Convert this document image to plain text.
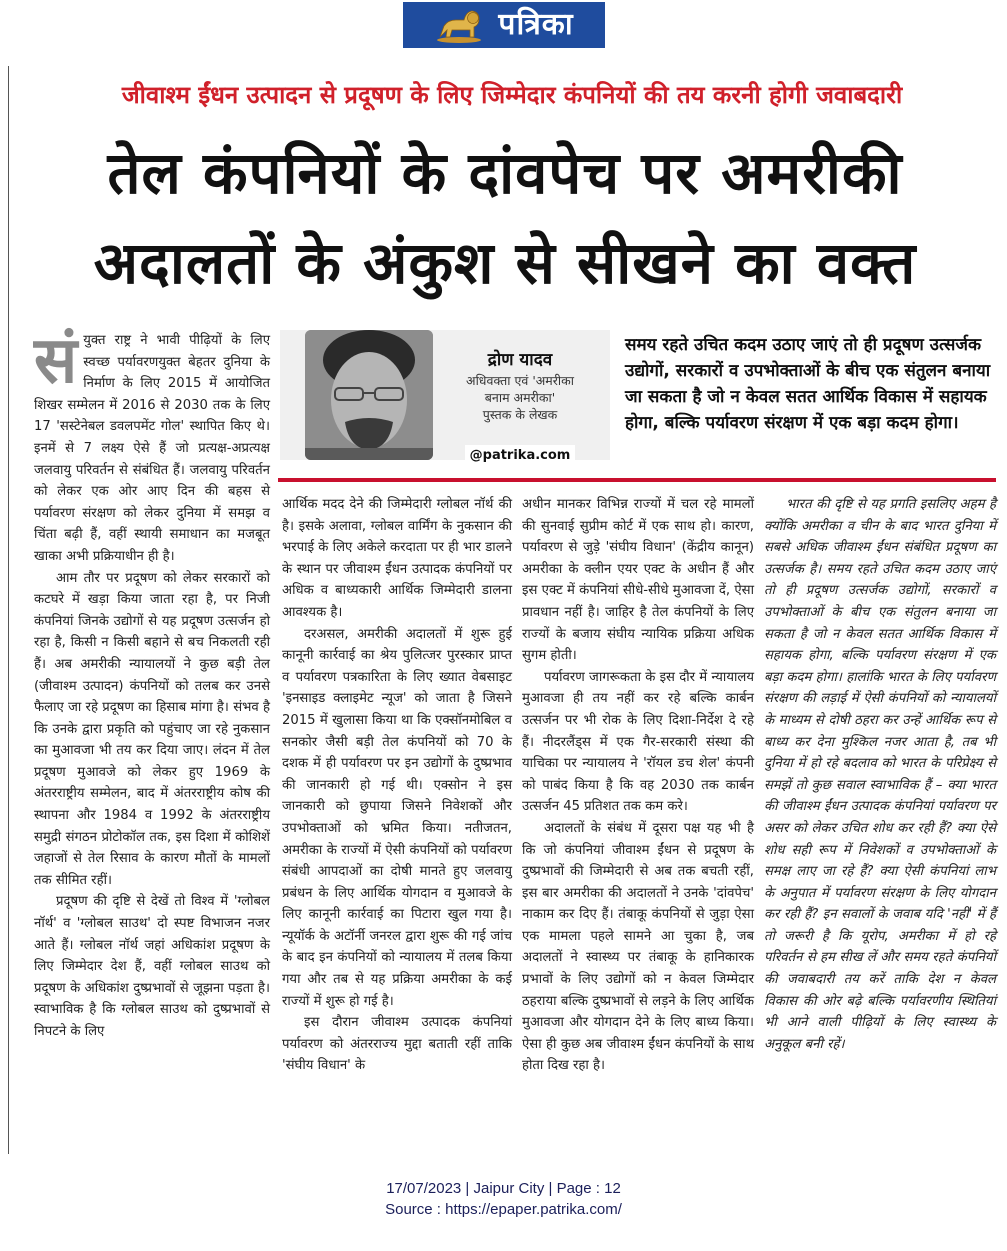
पत्रिका
जीवाश्म ईंधन उत्पादन से प्रदूषण के लिए जिम्मेदार कंपनियों की तय करनी होगी जवाबदारी
तेल कंपनियों के दांवपेच पर अमरीकी
अदालतों के अंकुश से सीखने का वक्त

सं युक्त राष्ट्र ने भावी पीढ़ियों के लिए स्वच्छ पर्यावरणयुक्त बेहतर दुनिया के निर्माण के लिए 2015 में आयोजित शिखर सम्मेलन में 2016 से 2030 तक के लिए 17 'सस्टेनेबल डवलपमेंट गोल' स्थापित किए थे। इनमें से 7 लक्ष्य ऐसे हैं जो प्रत्यक्ष-अप्रत्यक्ष जलवायु परिवर्तन से संबंधित हैं। जलवायु परिवर्तन को लेकर एक ओर आए दिन की बहस से पर्यावरण संरक्षण को लेकर दुनिया में समझ व चिंता बढ़ी हैं, वहीं स्थायी समाधान का मजबूत खाका अभी प्रक्रियाधीन ही है।

आम तौर पर प्रदूषण को लेकर सरकारों को कटघरे में खड़ा किया जाता रहा है, पर निजी कंपनियां जिनके उद्योगों से यह प्रदूषण उत्सर्जन हो रहा है, किसी न किसी बहाने से बच निकलती रही हैं। अब अमरीकी न्यायालयों ने कुछ बड़ी तेल (जीवाश्म उत्पादन) कंपनियों को तलब कर उनसे फैलाए जा रहे प्रदूषण का हिसाब मांगा है। संभव है कि उनके द्वारा प्रकृति को पहुंचाए जा रहे नुकसान का मुआवजा भी तय कर दिया जाए। लंदन में तेल प्रदूषण मुआवजे को लेकर हुए 1969 के अंतरराष्ट्रीय सम्मेलन, बाद में अंतरराष्ट्रीय कोष की स्थापना और 1984 व 1992 के अंतरराष्ट्रीय समुद्री संगठन प्रोटोकॉल तक, इस दिशा में कोशिशें जहाजों से तेल रिसाव के कारण मौतों के मामलों तक सीमित रहीं।

प्रदूषण की दृष्टि से देखें तो विश्व में 'ग्लोबल नॉर्थ' व 'ग्लोबल साउथ' दो स्पष्ट विभाजन नजर आते हैं। ग्लोबल नॉर्थ जहां अधिकांश प्रदूषण के लिए जिम्मेदार देश हैं, वहीं ग्लोबल साउथ को प्रदूषण के अधिकांश दुष्प्रभावों से जूझना पड़ता है। स्वाभाविक है कि ग्लोबल साउथ को दुष्प्रभावों से निपटने के लिए

द्रोण यादव
अधिवक्ता एवं 'अमरीका
बनाम अमरीका'
पुस्तक के लेखक
@patrika.com
समय रहते उचित कदम उठाए जाएं तो ही प्रदूषण उत्सर्जक उद्योगों, सरकारों व उपभोक्ताओं के बीच एक संतुलन बनाया जा सकता है जो न केवल सतत आर्थिक विकास में सहायक होगा, बल्कि पर्यावरण संरक्षण में एक बड़ा कदम होगा।

आर्थिक मदद देने की जिम्मेदारी ग्लोबल नॉर्थ की है। इसके अलावा, ग्लोबल वार्मिंग के नुकसान की भरपाई के लिए अकेले करदाता पर ही भार डालने के स्थान पर जीवाश्म ईंधन उत्पादक कंपनियों पर अधिक व बाध्यकारी आर्थिक जिम्मेदारी डालना आवश्यक है।

दरअसल, अमरीकी अदालतों में शुरू हुई कानूनी कार्रवाई का श्रेय पुलित्जर पुरस्कार प्राप्त व पर्यावरण पत्रकारिता के लिए ख्यात वेबसाइट 'इनसाइड क्लाइमेट न्यूज' को जाता है जिसने 2015 में खुलासा किया था कि एक्सॉनमोबिल व सनकोर जैसी बड़ी तेल कंपनियों को 70 के दशक में ही पर्यावरण पर इन उद्योगों के दुष्प्रभाव की जानकारी हो गई थी। एक्सोन ने इस जानकारी को छुपाया जिसने निवेशकों और उपभोक्ताओं को भ्रमित किया। नतीजतन, अमरीका के राज्यों में ऐसी कंपनियों को पर्यावरण संबंधी आपदाओं का दोषी मानते हुए जलवायु प्रबंधन के लिए आर्थिक योगदान व मुआवजे के लिए कानूनी कार्रवाई का पिटारा खुल गया है। न्यूयॉर्क के अटॉर्नी जनरल द्वारा शुरू की गई जांच के बाद इन कंपनियों को न्यायालय में तलब किया गया और तब से यह प्रक्रिया अमरीका के कई राज्यों में शुरू हो गई है।

इस दौरान जीवाश्म उत्पादक कंपनियां पर्यावरण को अंतरराज्य मुद्दा बताती रहीं ताकि 'संघीय विधान' के

अधीन मानकर विभिन्न राज्यों में चल रहे मामलों की सुनवाई सुप्रीम कोर्ट में एक साथ हो। कारण, पर्यावरण से जुड़े 'संघीय विधान' (केंद्रीय कानून) अमरीका के क्लीन एयर एक्ट के अधीन हैं और इस एक्ट में कंपनियां सीधे-सीधे मुआवजा दें, ऐसा प्रावधान नहीं है। जाहिर है तेल कंपनियों के लिए राज्यों के बजाय संघीय न्यायिक प्रक्रिया अधिक सुगम होती।

पर्यावरण जागरूकता के इस दौर में न्यायालय मुआवजा ही तय नहीं कर रहे बल्कि कार्बन उत्सर्जन पर भी रोक के लिए दिशा-निर्देश दे रहे हैं। नीदरलैंड्स में एक गैर-सरकारी संस्था की याचिका पर न्यायालय ने 'रॉयल डच शेल' कंपनी को पाबंद किया है कि वह 2030 तक कार्बन उत्सर्जन 45 प्रतिशत तक कम करे।

अदालतों के संबंध में दूसरा पक्ष यह भी है कि जो कंपनियां जीवाश्म ईंधन से प्रदूषण के दुष्प्रभावों की जिम्मेदारी से अब तक बचती रहीं, इस बार अमरीका की अदालतों ने उनके 'दांवपेच' नाकाम कर दिए हैं। तंबाकू कंपनियों से जुड़ा ऐसा एक मामला पहले सामने आ चुका है, जब अदालतों ने स्वास्थ्य पर तंबाकू के हानिकारक प्रभावों के लिए उद्योगों को न केवल जिम्मेदार ठहराया बल्कि दुष्प्रभावों से लड़ने के लिए आर्थिक मुआवजा और योगदान देने के लिए बाध्य किया। ऐसा ही कुछ अब जीवाश्म ईंधन कंपनियों के साथ होता दिख रहा है।

भारत की दृष्टि से यह प्रगति इसलिए अहम है क्योंकि अमरीका व चीन के बाद भारत दुनिया में सबसे अधिक जीवाश्म ईंधन संबंधित प्रदूषण का उत्सर्जक है। समय रहते उचित कदम उठाए जाएं तो ही प्रदूषण उत्सर्जक उद्योगों, सरकारों व उपभोक्ताओं के बीच एक संतुलन बनाया जा सकता है जो न केवल सतत आर्थिक विकास में सहायक होगा, बल्कि पर्यावरण संरक्षण में एक बड़ा कदम होगा। हालांकि भारत के लिए पर्यावरण संरक्षण की लड़ाई में ऐसी कंपनियों को न्यायालयों के माध्यम से दोषी ठहरा कर उन्हें आर्थिक रूप से बाध्य कर देना मुश्किल नजर आता है, तब भी दुनिया में हो रहे बदलाव को भारत के परिप्रेक्ष्य से समझें तो कुछ सवाल स्वाभाविक हैं – क्या भारत की जीवाश्म ईंधन उत्पादक कंपनियां पर्यावरण पर असर को लेकर उचित शोध कर रही हैं? क्या ऐसे शोध सही रूप में निवेशकों व उपभोक्ताओं के समक्ष लाए जा रहे हैं? क्या ऐसी कंपनियां लाभ के अनुपात में पर्यावरण संरक्षण के लिए योगदान कर रही हैं? इन सवालों के जवाब यदि 'नहीं' में हैं तो जरूरी है कि यूरोप, अमरीका में हो रहे परिवर्तन से हम सीख लें और समय रहते कंपनियों की जवाबदारी तय करें ताकि देश न केवल विकास की ओर बढ़े बल्कि पर्यावरणीय स्थितियां भी आने वाली पीढ़ियों के लिए स्वास्थ्य के अनुकूल बनी रहें।

17/07/2023 | Jaipur City | Page : 12
Source : https://epaper.patrika.com/
